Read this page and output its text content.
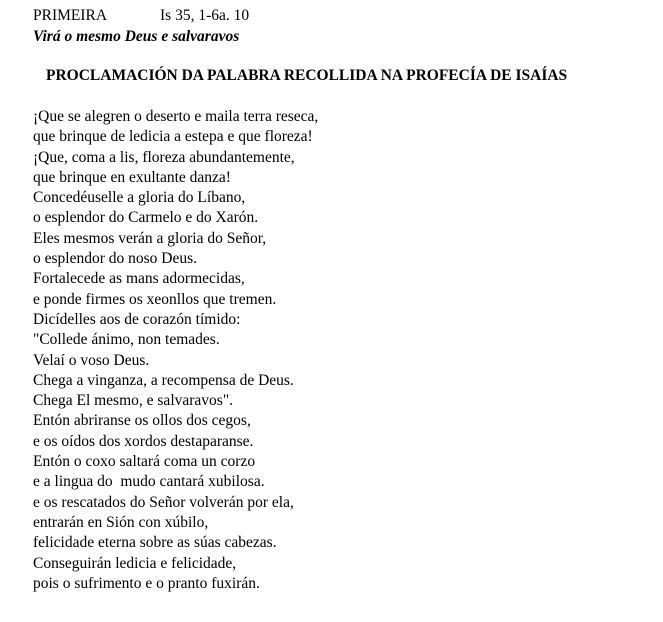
PRIMEIRA	Is 35, 1-6a. 10
Virá o mesmo Deus e salvaravos
PROCLAMACIÓN DA PALABRA RECOLLIDA NA PROFECÍA DE ISAÍAS
¡Que se alegren o deserto e maila terra reseca,
que brinque de ledicia a estepa e que floreza!
¡Que, coma a lis, floreza abundantemente,
que brinque en exultante danza!
Concedéuselle a gloria do Líbano,
o esplendor do Carmelo e do Xarón.
Eles mesmos verán a gloria do Señor,
o esplendor do noso Deus.
Fortalecede as mans adormecidas,
e ponde firmes os xeonllos que tremen.
Dicídelles aos de corazón tímido:
"Collede ánimo, non temades.
Velaí o voso Deus.
Chega a vinganza, a recompensa de Deus.
Chega El mesmo, e salvaravos".
Entón abriranse os ollos dos cegos,
e os oídos dos xordos destaparanse.
Entón o coxo saltará coma un corzo
e a lingua do  mudo cantará xubilosa.
e os rescatados do Señor volverán por ela,
entrarán en Sión con xúbilo,
felicidade eterna sobre as súas cabezas.
Conseguirán ledicia e felicidade,
pois o sufrimento e o pranto fuxirán.
